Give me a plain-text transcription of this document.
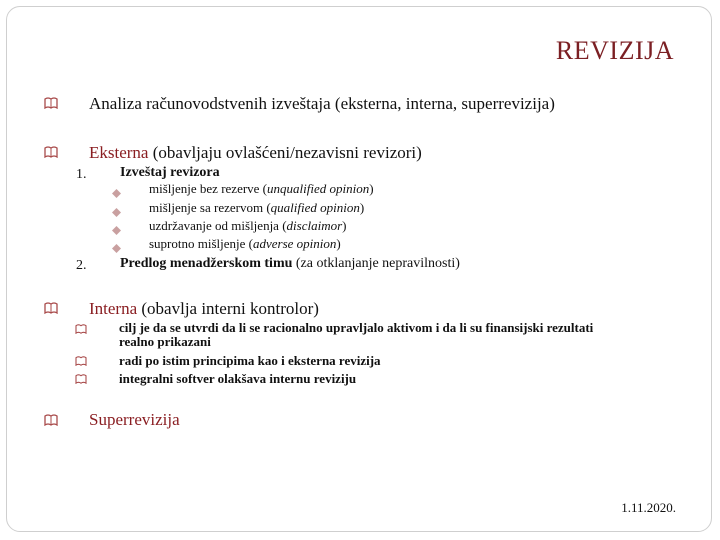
REVIZIJA
Analiza računovodstvenih izveštaja (eksterna, interna, superrevizija)
Eksterna (obavljaju ovlašćeni/nezavisni revizori)
1. Izveštaj revizora
mišljenje bez rezerve (unqualified opinion)
mišljenje sa rezervom (qualified opinion)
uzdržavanje od mišljenja (disclaimor)
suprotno mišljenje (adverse opinion)
2. Predlog menadžerskom timu (za otklanjanje nepravilnosti)
Interna (obavlja interni kontrolor)
cilj je da se utvrdi da li se racionalno upravljalo aktivom i da li su finansijski rezultati
realno prikazani
radi po istim principima kao i eksterna revizija
integralni softver olakšava internu reviziju
Superrevizija
1.11.2020.
